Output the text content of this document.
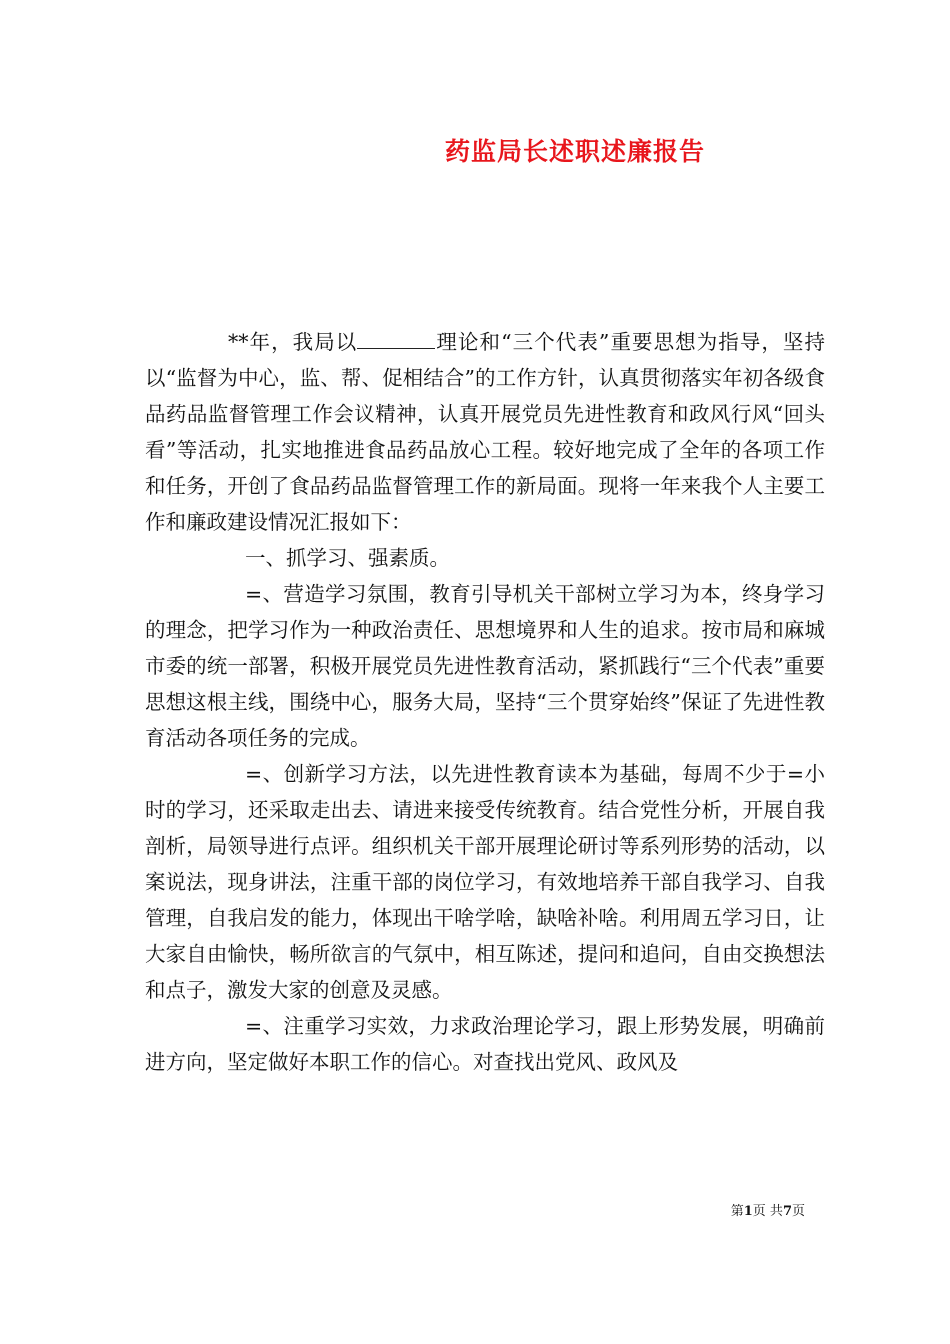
药监局长述职述廉报告

**年，我局以	理论和“三个代表”重要思想为指导，坚持以“监督为中心，监、帮、促相结合”的工作方针，认真贯彻落实年初各级食品药品监督管理工作会议精神，认真开展党员先进性教育和政风行风“回头看”等活动，扎实地推进食品药品放心工程。较好地完成了全年的各项工作和任务，开创了食品药品监督管理工作的新局面。现将一年来我个人主要工作和廉政建设情况汇报如下：

一、抓学习、强素质。

=、营造学习氛围，教育引导机关干部树立学习为本，终身学习的理念，把学习作为一种政治责任、思想境界和人生的追求。按市局和麻城市委的统一部署，积极开展党员先进性教育活动，紧抓践行“三个代表”重要思想这根主线，围绕中心，服务大局，坚持“三个贯穿始终”保证了先进性教育活动各项任务的完成。

=、创新学习方法，以先进性教育读本为基础，每周不少于=小时的学习，还采取走出去、请进来接受传统教育。结合党性分析，开展自我剖析，局领导进行点评。组织机关干部开展理论研讨等系列形势的活动，以案说法，现身讲法，注重干部的岗位学习，有效地培养干部自我学习、自我管理，自我启发的能力，体现出干啥学啥，缺啥补啥。利用周五学习日，让大家自由愉快，畅所欲言的气氛中，相互陈述，提问和追问，自由交换想法和点子，激发大家的创意及灵感。

=、注重学习实效，力求政治理论学习，跟上形势发展，明确前进方向，坚定做好本职工作的信心。对查找出党风、政风及

第1页 共7页
